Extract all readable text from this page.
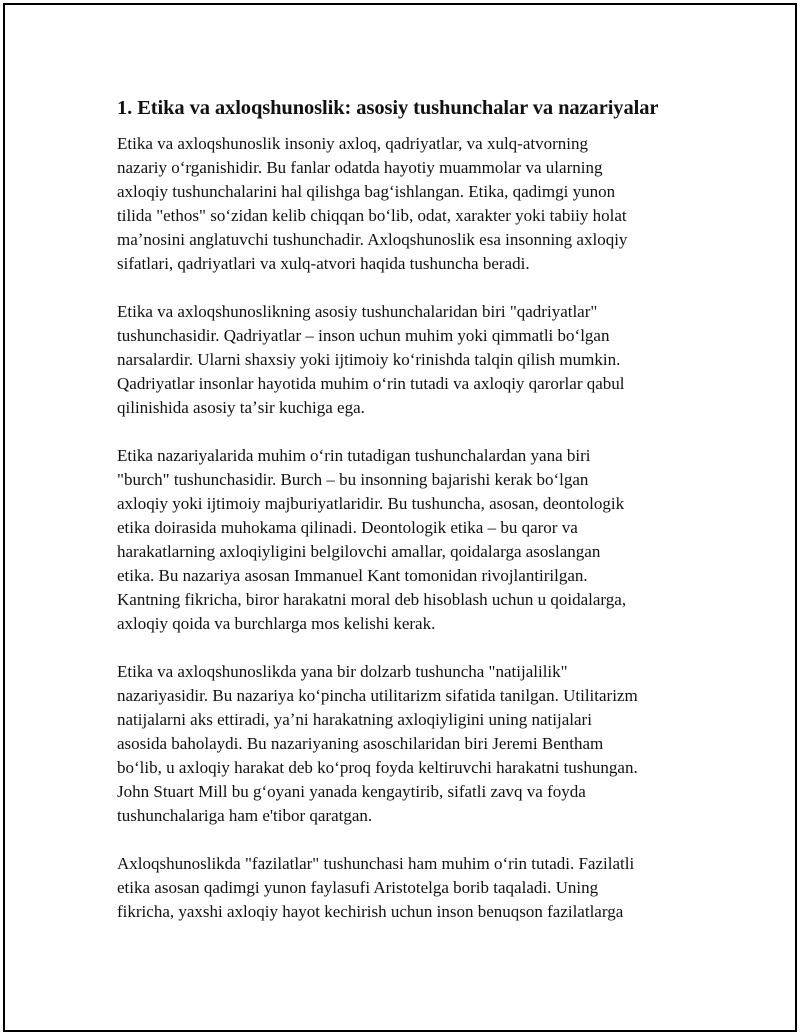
1. Etika va axloqshunoslik: asosiy tushunchalar va nazariyalar

Etika va axloqshunoslik insoniy axloq, qadriyatlar, va xulq-atvorning
nazariy oʻrganishidir. Bu fanlar odatda hayotiy muammolar va ularning
axloqiy tushunchalarini hal qilishga bagʻishlangan. Etika, qadimgi yunon
tilida "ethos" soʻzidan kelib chiqqan boʻlib, odat, xarakter yoki tabiiy holat
maʼnosini anglatuvchi tushunchadir. Axloqshunoslik esa insonning axloqiy
sifatlari, qadriyatlari va xulq-atvori haqida tushuncha beradi.

Etika va axloqshunoslikning asosiy tushunchalaridan biri "qadriyatlar"
tushunchasidir. Qadriyatlar – inson uchun muhim yoki qimmatli boʻlgan
narsalardir. Ularni shaxsiy yoki ijtimoiy koʻrinishda talqin qilish mumkin.
Qadriyatlar insonlar hayotida muhim oʻrin tutadi va axloqiy qarorlar qabul
qilinishida asosiy taʼsir kuchiga ega.

Etika nazariyalarida muhim oʻrin tutadigan tushunchalardan yana biri
"burch" tushunchasidir. Burch – bu insonning bajarishi kerak boʻlgan
axloqiy yoki ijtimoiy majburiyatlaridir. Bu tushuncha, asosan, deontologik
etika doirasida muhokama qilinadi. Deontologik etika – bu qaror va
harakatlarning axloqiyligini belgilovchi amallar, qoidalarga asoslangan
etika. Bu nazariya asosan Immanuel Kant tomonidan rivojlantirilgan.
Kantning fikricha, biror harakatni moral deb hisoblash uchun u qoidalarga,
axloqiy qoida va burchlarga mos kelishi kerak.

Etika va axloqshunoslikda yana bir dolzarb tushuncha "natijalilik"
nazariyasidir. Bu nazariya koʻpincha utilitarizm sifatida tanilgan. Utilitarizm
natijalarni aks ettiradi, yaʼni harakatning axloqiyligini uning natijalari
asosida baholaydi. Bu nazariyaning asoschilaridan biri Jeremi Bentham
boʻlib, u axloqiy harakat deb koʻproq foyda keltiruvchi harakatni tushungan.
John Stuart Mill bu gʻoyani yanada kengaytirib, sifatli zavq va foyda
tushunchalariga ham e'tibor qaratgan.

Axloqshunoslikda "fazilatlar" tushunchasi ham muhim oʻrin tutadi. Fazilatli
etika asosan qadimgi yunon faylasufi Aristotelga borib taqaladi. Uning
fikricha, yaxshi axloqiy hayot kechirish uchun inson benuqson fazilatlarga
